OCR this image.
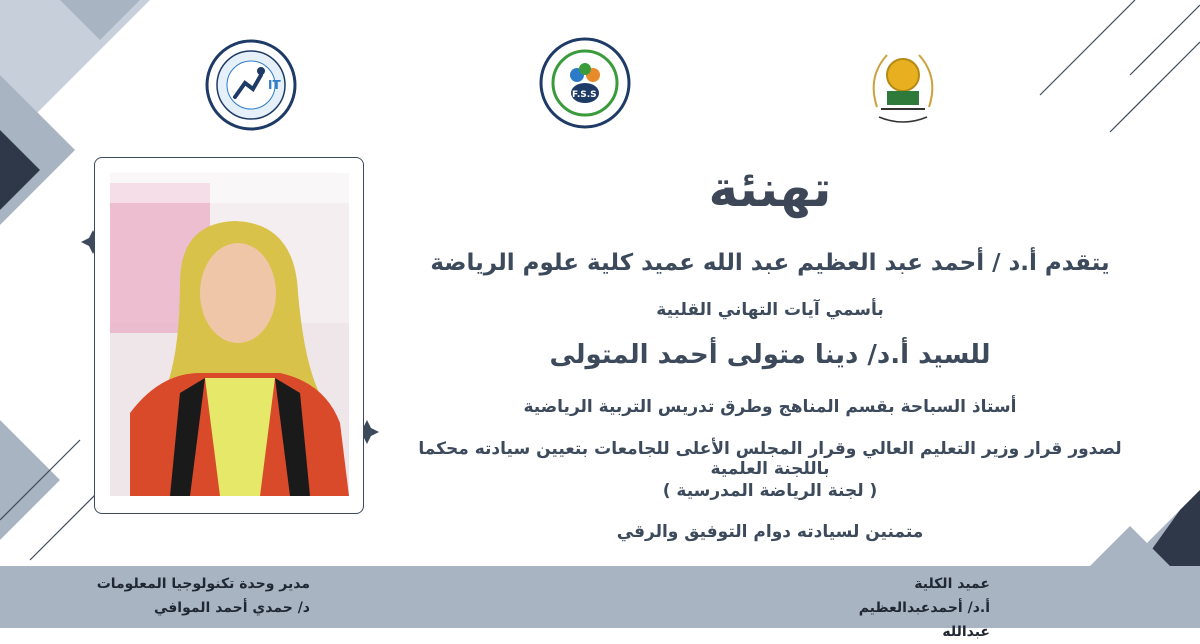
IT
F.S.S
تهنئة
يتقدم أ.د / أحمد عبد العظيم عبد الله عميد كلية علوم الرياضة
بأسمي آيات التهاني القلبية
للسيد أ.د/ دينا متولى أحمد المتولى
أستاذ السباحة بقسم المناهج وطرق تدريس التربية الرياضية
لصدور قرار وزير التعليم العالي وقرار المجلس الأعلى للجامعات بتعيين سيادته محكما باللجنة العلمية
( لجنة الرياضة المدرسية )
متمنين لسيادته دوام التوفيق والرقي
مدير وحدة تكنولوجيا المعلومات
د/ حمدي أحمد الموافي
عميد الكلية
أ.د/ أحمدعبدالعظيم عبدالله
